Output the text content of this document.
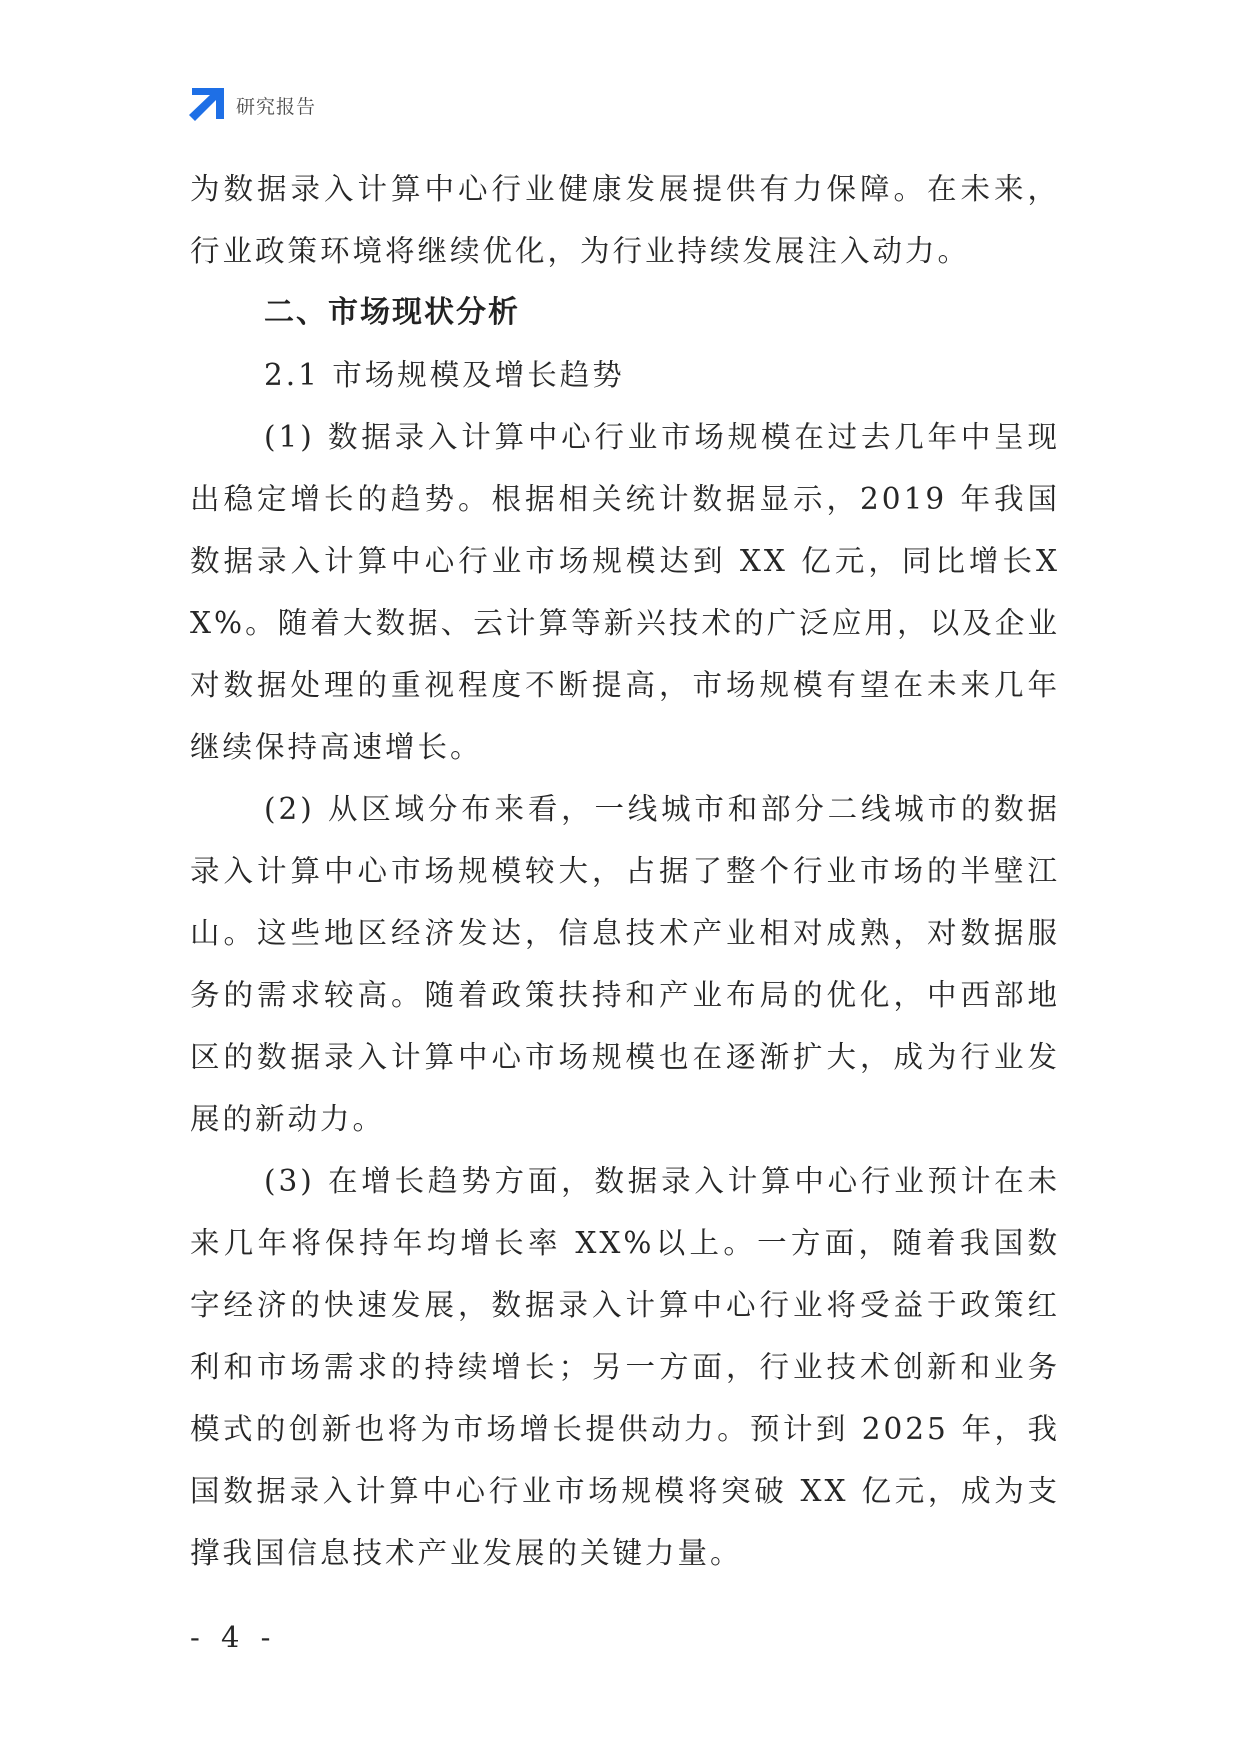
研究报告

为数据录入计算中心行业健康发展提供有力保障。在未来，行业政策环境将继续优化，为行业持续发展注入动力。

二、市场现状分析
2.1 市场规模及增长趋势

(1) 数据录入计算中心行业市场规模在过去几年中呈现出稳定增长的趋势。根据相关统计数据显示，2019 年我国数据录入计算中心行业市场规模达到 XX 亿元，同比增长XX%。随着大数据、云计算等新兴技术的广泛应用，以及企业对数据处理的重视程度不断提高，市场规模有望在未来几年继续保持高速增长。

(2) 从区域分布来看，一线城市和部分二线城市的数据录入计算中心市场规模较大，占据了整个行业市场的半壁江山。这些地区经济发达，信息技术产业相对成熟，对数据服务的需求较高。随着政策扶持和产业布局的优化，中西部地区的数据录入计算中心市场规模也在逐渐扩大，成为行业发展的新动力。

(3) 在增长趋势方面，数据录入计算中心行业预计在未来几年将保持年均增长率 XX%以上。一方面，随着我国数字经济的快速发展，数据录入计算中心行业将受益于政策红利和市场需求的持续增长；另一方面，行业技术创新和业务模式的创新也将为市场增长提供动力。预计到 2025 年，我国数据录入计算中心行业市场规模将突破 XX 亿元，成为支撑我国信息技术产业发展的关键力量。

- 4 -
